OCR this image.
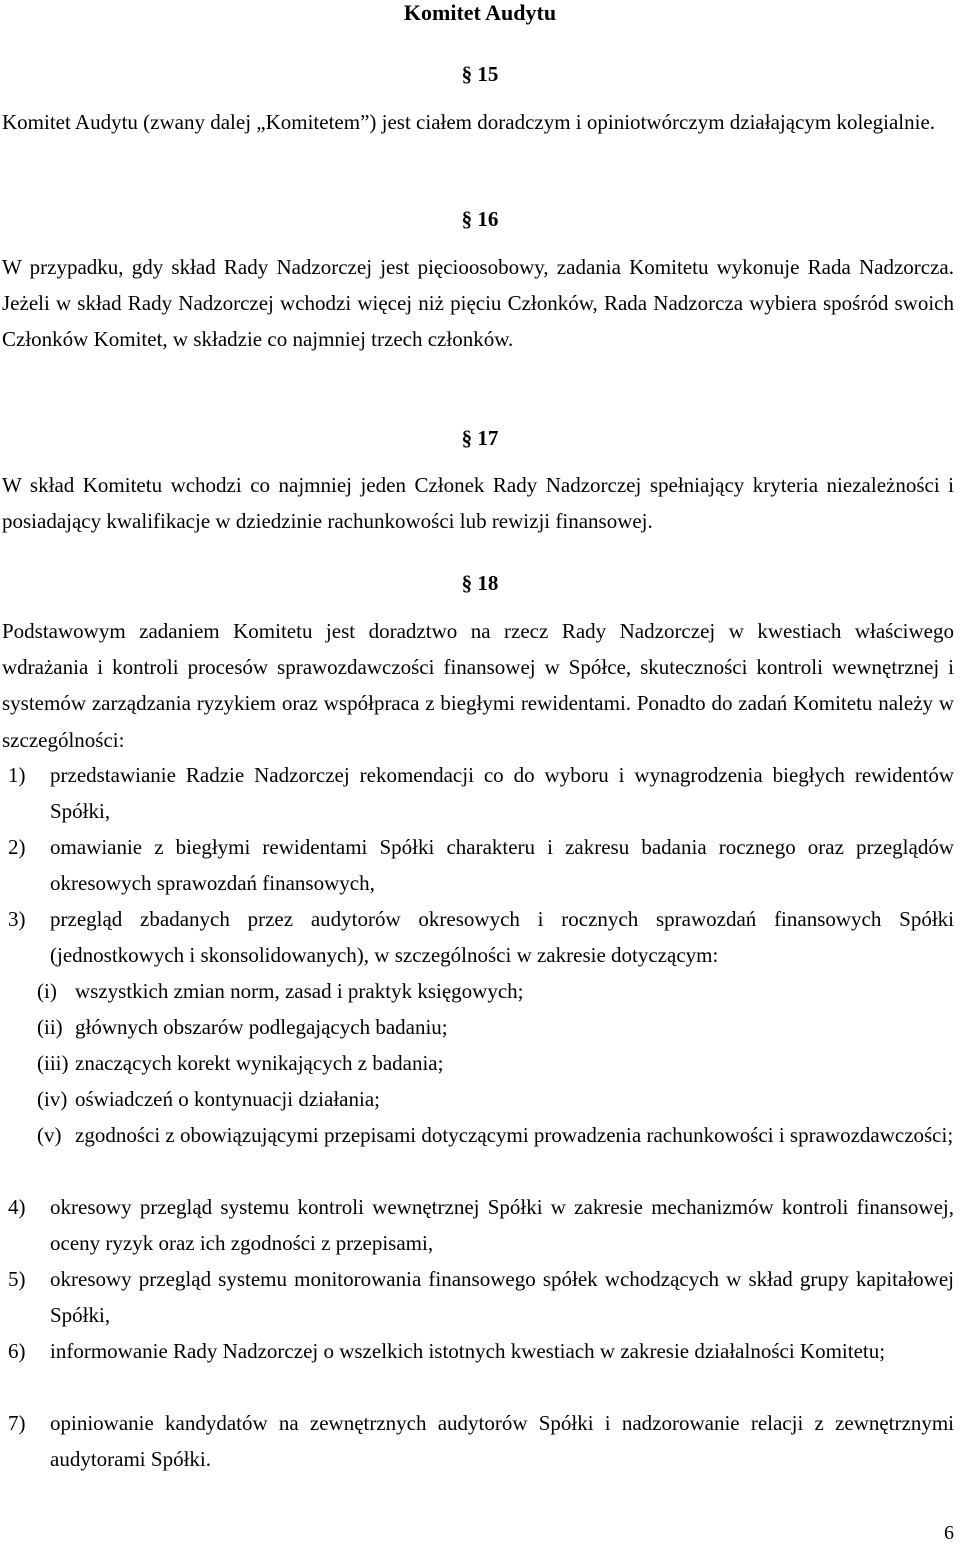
Komitet Audytu
§ 15
Komitet Audytu (zwany dalej „Komitetem”) jest ciałem doradczym i opiniotwórczym działającym kolegialnie.
§ 16
W przypadku, gdy skład Rady Nadzorczej jest pięcioosobowy, zadania Komitetu wykonuje Rada Nadzorcza. Jeżeli w skład Rady Nadzorczej wchodzi więcej niż pięciu Członków, Rada Nadzorcza wybiera spośród swoich Członków Komitet, w składzie co najmniej trzech członków.
§ 17
W skład Komitetu wchodzi co najmniej jeden Członek Rady Nadzorczej spełniający kryteria niezależności i posiadający kwalifikacje w dziedzinie rachunkowości lub rewizji finansowej.
§ 18
Podstawowym zadaniem Komitetu jest doradztwo na rzecz Rady Nadzorczej w kwestiach właściwego wdrażania i kontroli procesów sprawozdawczości finansowej w Spółce, skuteczności kontroli wewnętrznej i systemów zarządzania ryzykiem oraz współpraca z biegłymi rewidentami. Ponadto do zadań Komitetu należy w szczególności:
1) przedstawianie Radzie Nadzorczej rekomendacji co do wyboru i wynagrodzenia biegłych rewidentów Spółki,
2) omawianie z biegłymi rewidentami Spółki charakteru i zakresu badania rocznego oraz przeglądów okresowych sprawozdań finansowych,
3) przegląd zbadanych przez audytorów okresowych i rocznych sprawozdań finansowych Spółki (jednostkowych i skonsolidowanych), w szczególności w zakresie dotyczącym:
(i) wszystkich zmian norm, zasad i praktyk księgowych;
(ii) głównych obszarów podlegających badaniu;
(iii) znaczących korekt wynikających z badania;
(iv) oświadczeń o kontynuacji działania;
(v) zgodności z obowiązującymi przepisami dotyczącymi prowadzenia rachunkowości i sprawozdawczości;
4) okresowy przegląd systemu kontroli wewnętrznej Spółki w zakresie mechanizmów kontroli finansowej, oceny ryzyk oraz ich zgodności z przepisami,
5) okresowy przegląd systemu monitorowania finansowego spółek wchodzących w skład grupy kapitałowej Spółki,
6) informowanie Rady Nadzorczej o wszelkich istotnych kwestiach w zakresie działalności Komitetu;
7) opiniowanie kandydatów na zewnętrznych audytorów Spółki i nadzorowanie relacji z zewnętrznymi audytorami Spółki.
6
